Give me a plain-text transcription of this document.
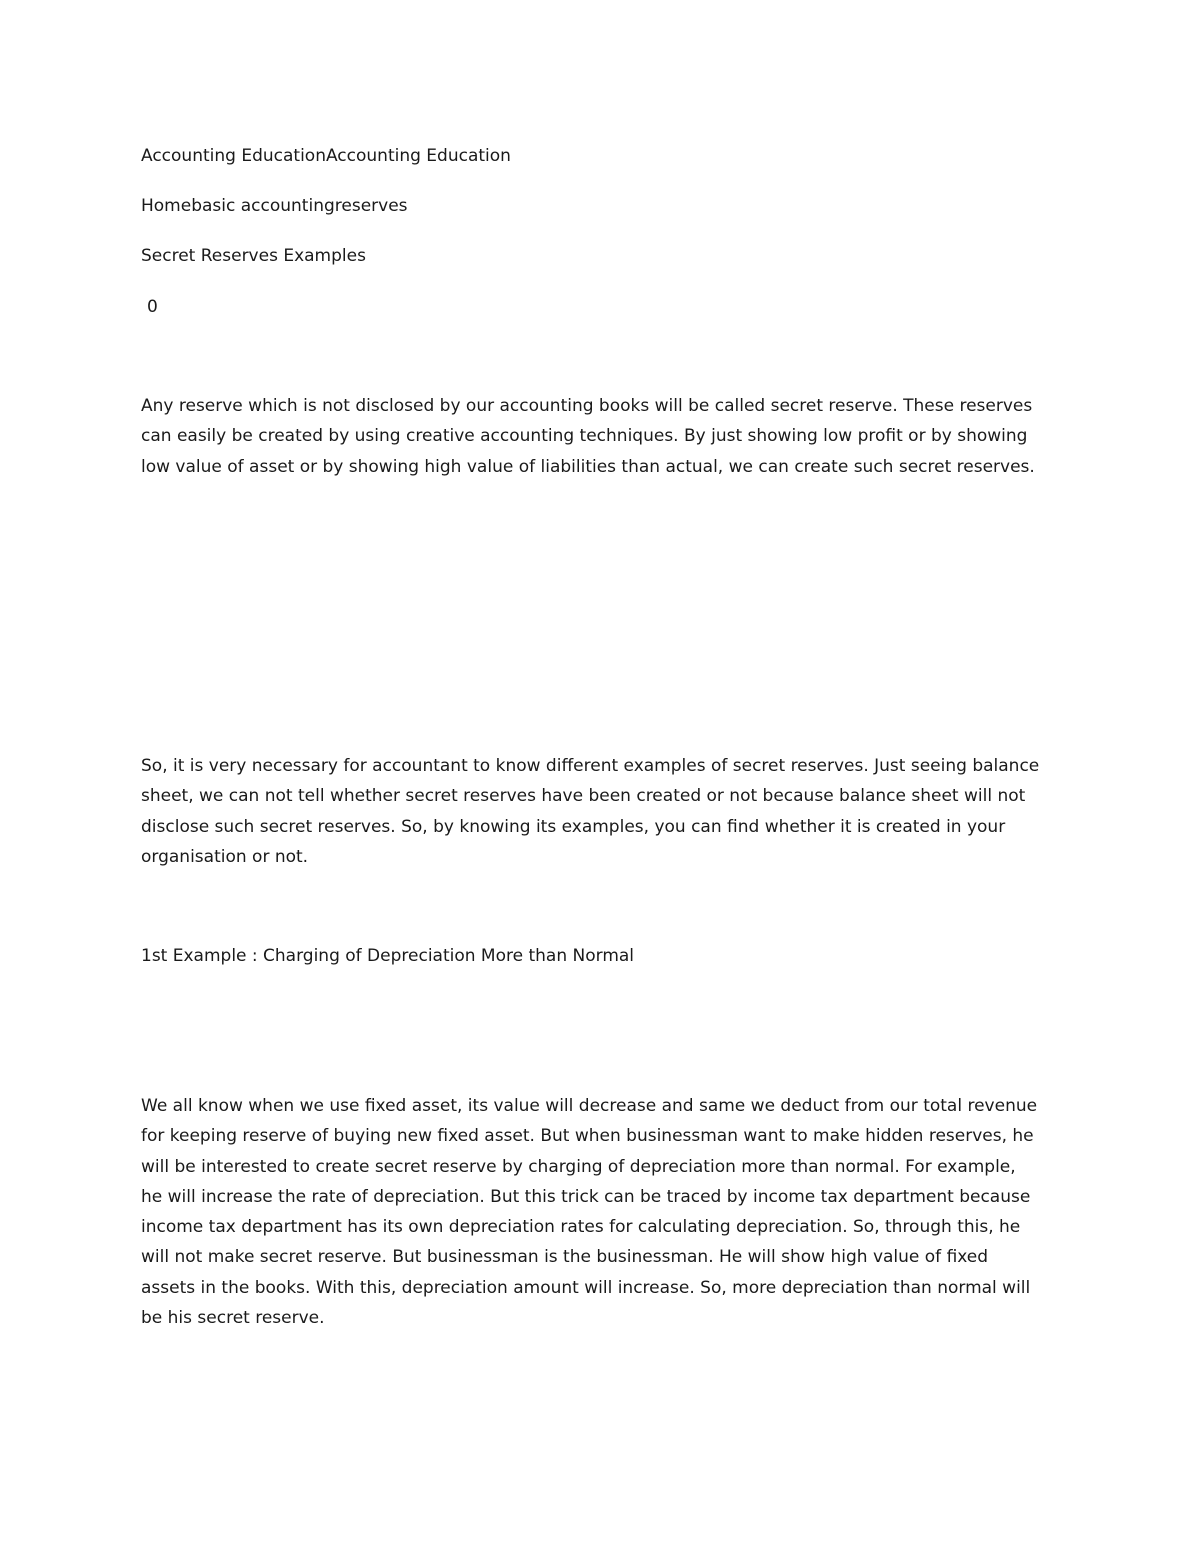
Accounting EducationAccounting Education

Homebasic accountingreserves

Secret Reserves Examples

0

Any reserve which is not disclosed by our accounting books will be called secret reserve. These reserves
can easily be created by using creative accounting techniques. By just showing low profit or by showing
low value of asset or by showing high value of liabilities than actual, we can create such secret reserves.
So, it is very necessary for accountant to know different examples of secret reserves. Just seeing balance
sheet, we can not tell whether secret reserves have been created or not because balance sheet will not
disclose such secret reserves. So, by knowing its examples, you can find whether it is created in your
organisation or not.

1st Example : Charging of Depreciation More than Normal

We all know when we use fixed asset, its value will decrease and same we deduct from our total revenue
for keeping reserve of buying new fixed asset. But when businessman want to make hidden reserves, he
will be interested to create secret reserve by charging of depreciation more than normal. For example,
he will increase the rate of depreciation. But this trick can be traced by income tax department because
income tax department has its own depreciation rates for calculating depreciation. So, through this, he
will not make secret reserve. But businessman is the businessman. He will show high value of fixed
assets in the books. With this, depreciation amount will increase. So, more depreciation than normal will
be his secret reserve.
